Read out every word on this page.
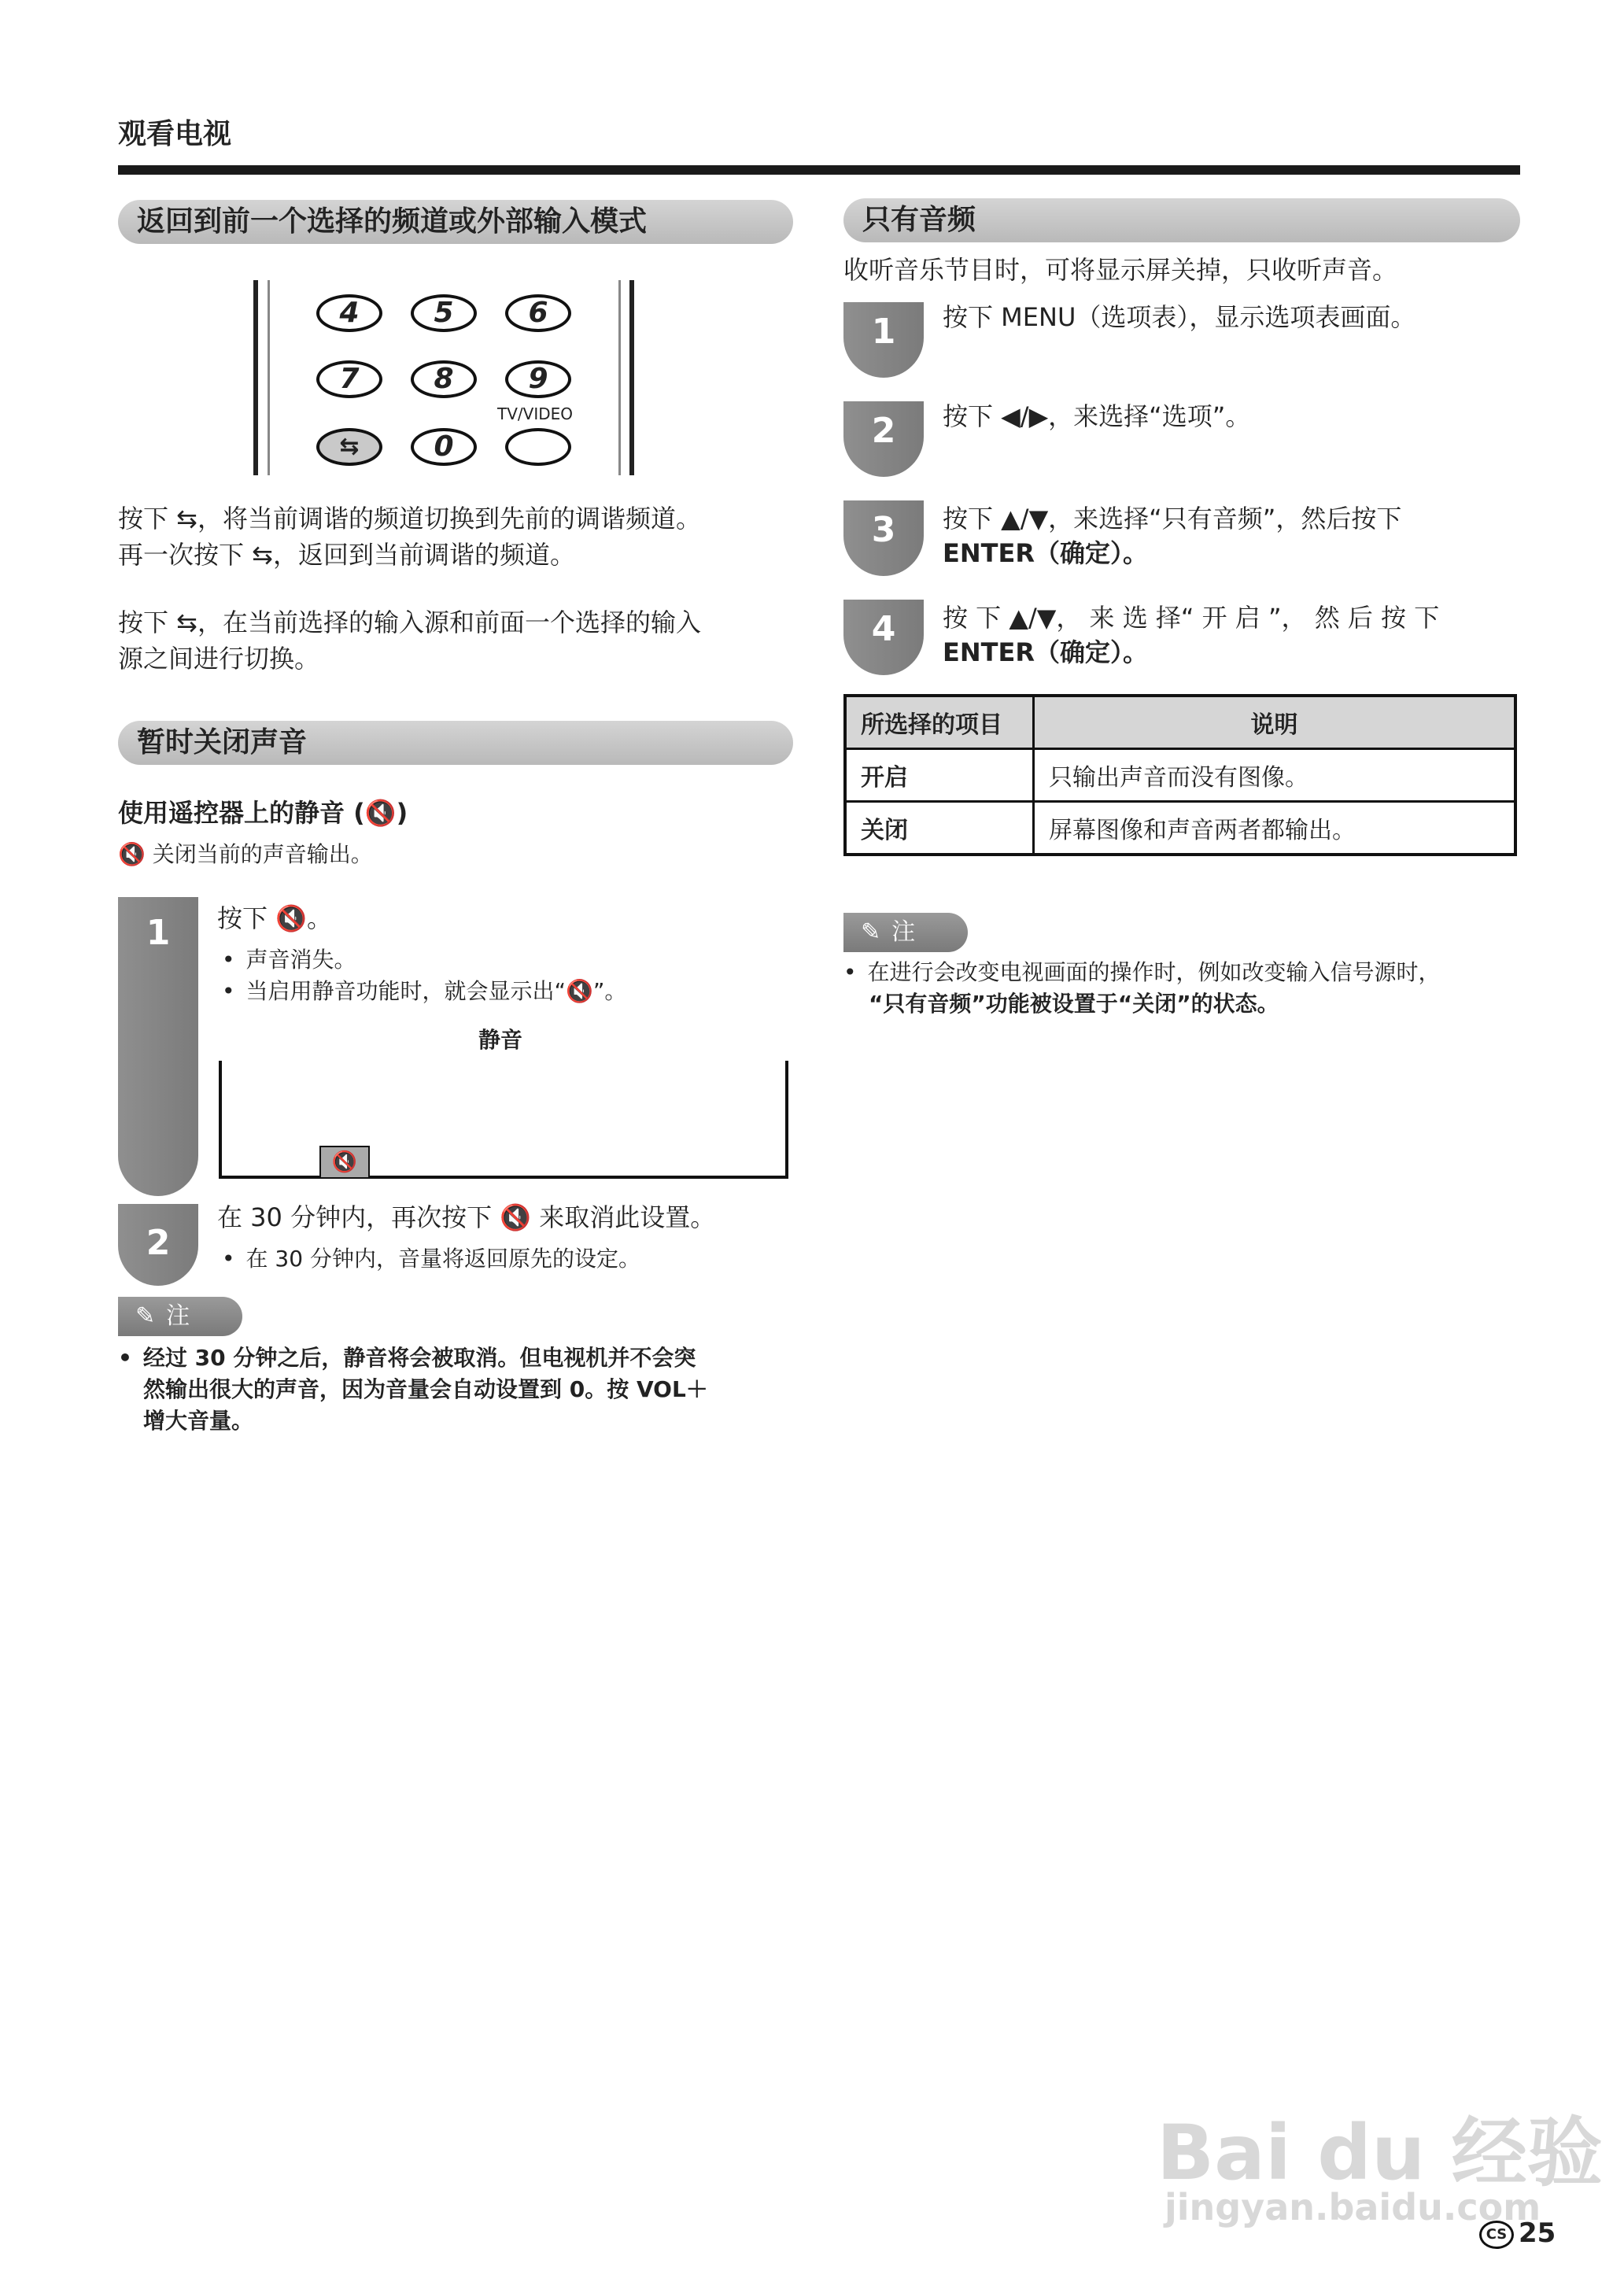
观看电视
返回到前一个选择的频道或外部输入模式
4	5	6
7	8	9
⇆	0
TV/VIDEO
按下 ⇆，将当前调谐的频道切换到先前的调谐频道。
再一次按下 ⇆，返回到当前调谐的频道。
按下 ⇆，在当前选择的输入源和前面一个选择的输入
源之间进行切换。
暂时关闭声音
使用遥控器上的静音 (🔇)
🔇 关闭当前的声音输出。
1	按下 🔇。
• 声音消失。
• 当启用静音功能时，就会显示出“🔇”。
静音
🔇
2
在 30 分钟内，再次按下 🔇 来取消此设置。
• 在 30 分钟内，音量将返回原先的设定。
✎ 注
• 经过 30 分钟之后，静音将会被取消。但电视机并不会突
然输出很大的声音，因为音量会自动设置到 0。按 VOL＋
增大音量。
只有音频
收听音乐节目时，可将显示屏关掉，只收听声音。
1	按下 MENU（选项表），显示选项表画面。
2	按下 ◀/▶，来选择“选项”。
3	按下 ▲/▼，来选择“只有音频”，然后按下
ENTER（确定）。
4	按 下 ▲/▼， 来 选 择“ 开 启 ”， 然 后 按 下
ENTER（确定）。
所选择的项目	说明
开启	只输出声音而没有图像。
关闭	屏幕图像和声音两者都输出。
✎ 注
• 在进行会改变电视画面的操作时，例如改变输入信号源时，
“只有音频”功能被设置于“关闭”的状态。
Bai du 经验
jingyan.baidu.com
CS 25
